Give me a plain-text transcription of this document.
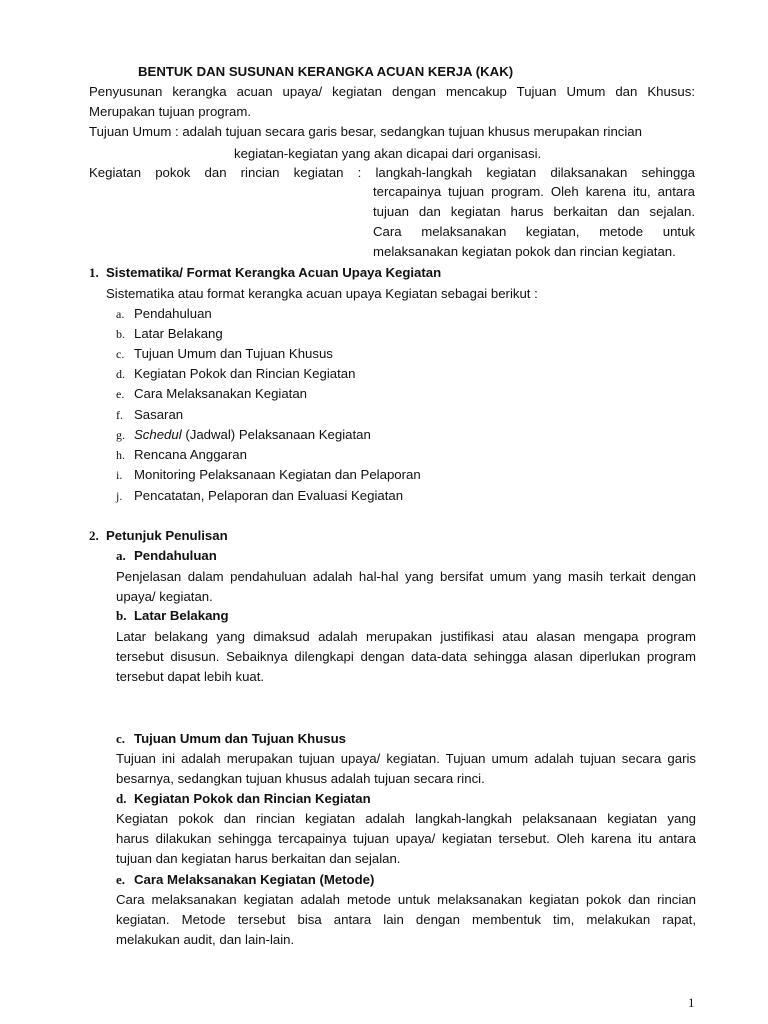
BENTUK DAN SUSUNAN KERANGKA ACUAN KERJA (KAK)
Penyusunan kerangka acuan upaya/ kegiatan dengan mencakup Tujuan Umum dan Khusus:
Merupakan tujuan program.
Tujuan Umum : adalah tujuan secara garis besar, sedangkan tujuan khusus merupakan rincian
kegiatan-kegiatan yang akan dicapai dari organisasi.
Kegiatan pokok dan rincian kegiatan : langkah-langkah kegiatan dilaksanakan sehingga
tercapainya tujuan program. Oleh karena itu, antara
tujuan dan kegiatan harus berkaitan dan sejalan.
Cara melaksanakan kegiatan, metode untuk
melaksanakan kegiatan pokok dan rincian kegiatan.
1. Sistematika/ Format Kerangka Acuan Upaya Kegiatan
Sistematika atau format kerangka acuan upaya Kegiatan sebagai berikut :
a. Pendahuluan
b. Latar Belakang
c. Tujuan Umum dan Tujuan Khusus
d. Kegiatan Pokok dan Rincian Kegiatan
e. Cara Melaksanakan Kegiatan
f. Sasaran
g. Schedul (Jadwal) Pelaksanaan Kegiatan
h. Rencana Anggaran
i. Monitoring Pelaksanaan Kegiatan dan Pelaporan
j. Pencatatan, Pelaporan dan Evaluasi Kegiatan
2. Petunjuk Penulisan
a. Pendahuluan
Penjelasan dalam pendahuluan adalah hal-hal yang bersifat umum yang masih terkait dengan
upaya/ kegiatan.
b. Latar Belakang
Latar belakang yang dimaksud adalah merupakan justifikasi atau alasan mengapa program
tersebut disusun. Sebaiknya dilengkapi dengan data-data sehingga alasan diperlukan program
tersebut dapat lebih kuat.
c. Tujuan Umum dan Tujuan Khusus
Tujuan ini adalah merupakan tujuan upaya/ kegiatan. Tujuan umum adalah tujuan secara garis
besarnya, sedangkan tujuan khusus adalah tujuan secara rinci.
d. Kegiatan Pokok dan Rincian Kegiatan
Kegiatan pokok dan rincian kegiatan adalah langkah-langkah pelaksanaan kegiatan yang
harus dilakukan sehingga tercapainya tujuan upaya/ kegiatan tersebut. Oleh karena itu antara
tujuan dan kegiatan harus berkaitan dan sejalan.
e. Cara Melaksanakan Kegiatan (Metode)
Cara melaksanakan kegiatan adalah metode untuk melaksanakan kegiatan pokok dan rincian
kegiatan. Metode tersebut bisa antara lain dengan membentuk tim, melakukan rapat,
melakukan audit, dan lain-lain.
1
